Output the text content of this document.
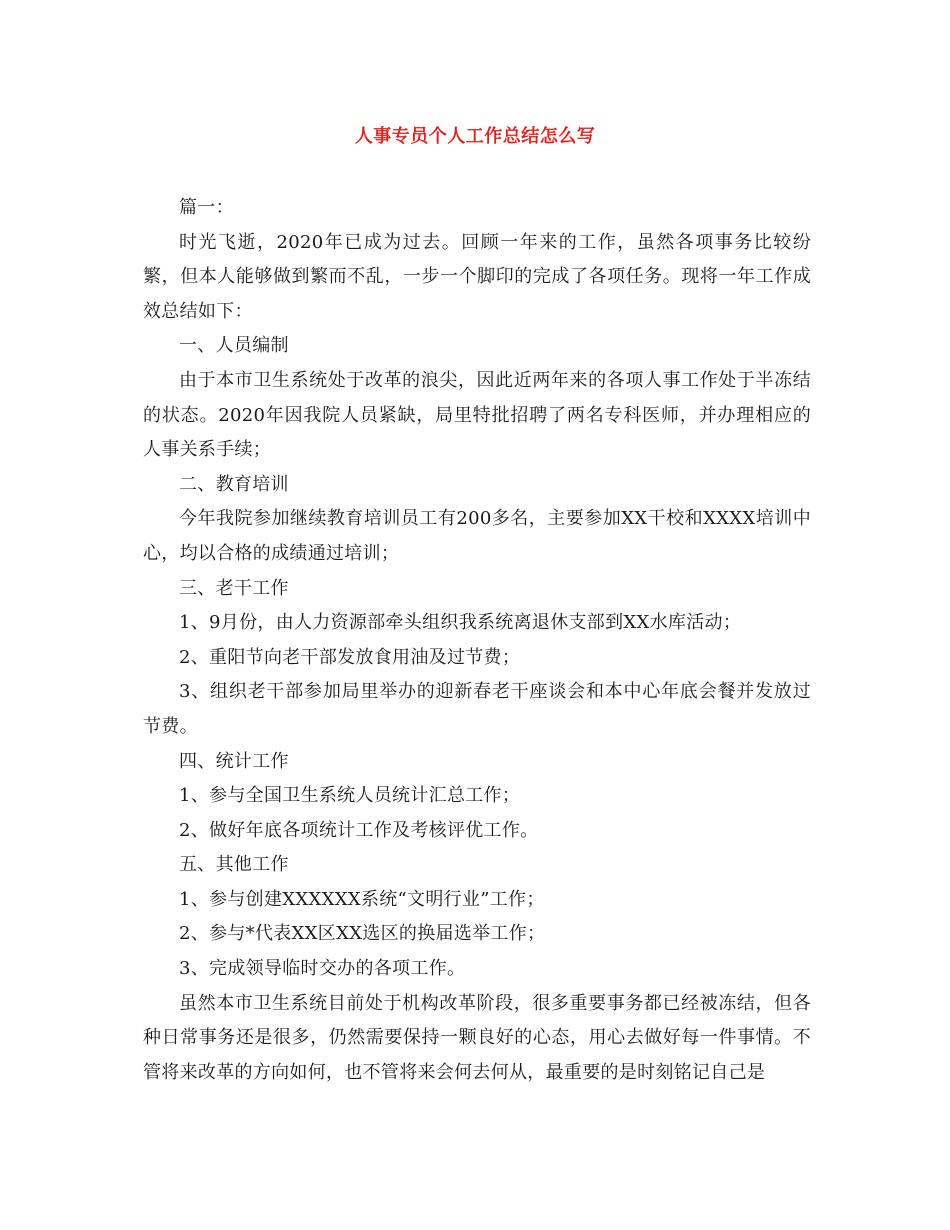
人事专员个人工作总结怎么写

篇一：

时光飞逝，2020年已成为过去。回顾一年来的工作，虽然各项事务比较纷繁，但本人能够做到繁而不乱，一步一个脚印的完成了各项任务。现将一年工作成效总结如下：

一、人员编制

由于本市卫生系统处于改革的浪尖，因此近两年来的各项人事工作处于半冻结的状态。2020年因我院人员紧缺，局里特批招聘了两名专科医师，并办理相应的人事关系手续；

二、教育培训

今年我院参加继续教育培训员工有200多名，主要参加XX干校和XXXX培训中心，均以合格的成绩通过培训；

三、老干工作

1、9月份，由人力资源部牵头组织我系统离退休支部到XX水库活动；

2、重阳节向老干部发放食用油及过节费；

3、组织老干部参加局里举办的迎新春老干座谈会和本中心年底会餐并发放过节费。

四、统计工作

1、参与全国卫生系统人员统计汇总工作；

2、做好年底各项统计工作及考核评优工作。

五、其他工作

1、参与创建XXXXXX系统“文明行业”工作；

2、参与*代表XX区XX选区的换届选举工作；

3、完成领导临时交办的各项工作。

虽然本市卫生系统目前处于机构改革阶段，很多重要事务都已经被冻结，但各种日常事务还是很多，仍然需要保持一颗良好的心态，用心去做好每一件事情。不管将来改革的方向如何，也不管将来会何去何从，最重要的是时刻铭记自己是
